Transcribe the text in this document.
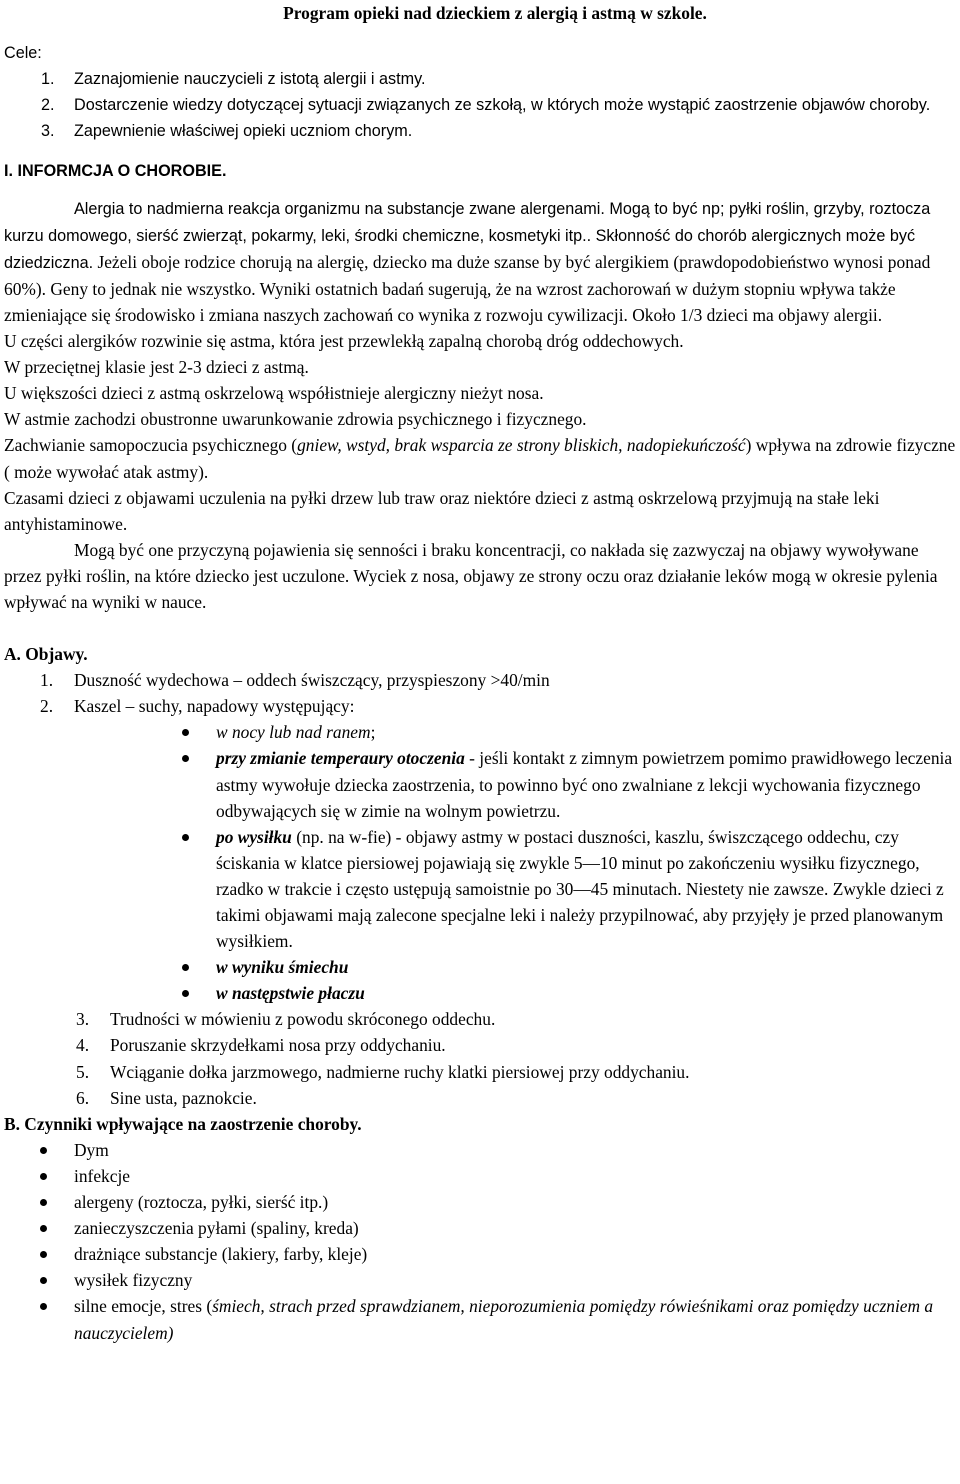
Program opieki nad dzieckiem z alergią i astmą w szkole.

Cele:

1. Zaznajomienie nauczycieli z istotą alergii i astmy.
2. Dostarczenie wiedzy dotyczącej sytuacji związanych ze szkołą, w których może wystąpić zaostrzenie objawów choroby.
3. Zapewnienie właściwej opieki uczniom chorym.

I. INFORMCJA O CHOROBIE.

Alergia to nadmierna reakcja organizmu na substancje zwane alergenami. Mogą to być np; pyłki roślin, grzyby, roztocza kurzu domowego, sierść zwierząt, pokarmy, leki, środki chemiczne, kosmetyki itp.. Skłonność do chorób alergicznych może być dziedziczna. Jeżeli oboje rodzice chorują na alergię, dziecko ma duże szanse by być alergikiem (prawdopodobieństwo wynosi ponad 60%). Geny to jednak nie wszystko. Wyniki ostatnich badań sugerują, że na wzrost zachorowań w dużym stopniu wpływa także zmieniające się środowisko i zmiana naszych zachowań co wynika z rozwoju cywilizacji. Około 1/3 dzieci ma objawy alergii.

U części alergików rozwinie się astma, która jest przewlekłą zapalną chorobą dróg oddechowych.

W przeciętnej klasie jest 2-3 dzieci z astmą.

U większości dzieci z astmą oskrzelową współistnieje alergiczny nieżyt nosa.

W astmie zachodzi obustronne uwarunkowanie zdrowia psychicznego i fizycznego.

Zachwianie samopoczucia psychicznego (gniew, wstyd, brak wsparcia ze strony bliskich, nadopiekuńczość) wpływa na zdrowie fizyczne ( może wywołać atak astmy).

Czasami dzieci z objawami uczulenia na pyłki drzew lub traw oraz niektóre dzieci z astmą oskrzelową przyjmują na stałe leki antyhistaminowe.

Mogą być one przyczyną pojawienia się senności i braku koncentracji, co nakłada się zazwyczaj na objawy wywoływane przez pyłki roślin, na które dziecko jest uczulone. Wyciek z nosa, objawy ze strony oczu oraz działanie leków mogą w okresie pylenia wpływać na wyniki w nauce.

A. Objawy.

1. Duszność wydechowa – oddech świszczący, przyspieszony >40/min
2. Kaszel – suchy, napadowy występujący:
w nocy lub nad ranem;
przy zmianie temperaury otoczenia - jeśli kontakt z zimnym powietrzem pomimo prawidłowego leczenia astmy wywołuje dziecka zaostrzenia, to powinno być ono zwalniane z lekcji wychowania fizycznego odbywających się w zimie na wolnym powietrzu.
po wysiłku (np. na w-fie) - objawy astmy w postaci duszności, kaszlu, świszczącego oddechu, czy ściskania w klatce piersiowej pojawiają się zwykle 5—10 minut po zakończeniu wysiłku fizycznego, rzadko w trakcie i często ustępują samoistnie po 30—45 minutach. Niestety nie zawsze. Zwykle dzieci z takimi objawami mają zalecone specjalne leki i należy przypilnować, aby przyjęły je przed planowanym wysiłkiem.
w wyniku śmiechu
w następstwie płaczu
3. Trudności w mówieniu z powodu skróconego oddechu.
4. Poruszanie skrzydełkami nosa przy oddychaniu.
5. Wciąganie dołka jarzmowego, nadmierne ruchy klatki piersiowej przy oddychaniu.
6. Sine usta, paznokcie.

B. Czynniki wpływające na zaostrzenie choroby.

Dym
infekcje
alergeny (roztocza, pyłki, sierść itp.)
zanieczyszczenia pyłami (spaliny, kreda)
drażniące substancje (lakiery, farby, kleje)
wysiłek fizyczny
silne emocje, stres (śmiech, strach przed sprawdzianem, nieporozumienia pomiędzy rówieśnikami oraz pomiędzy uczniem a nauczycielem)
